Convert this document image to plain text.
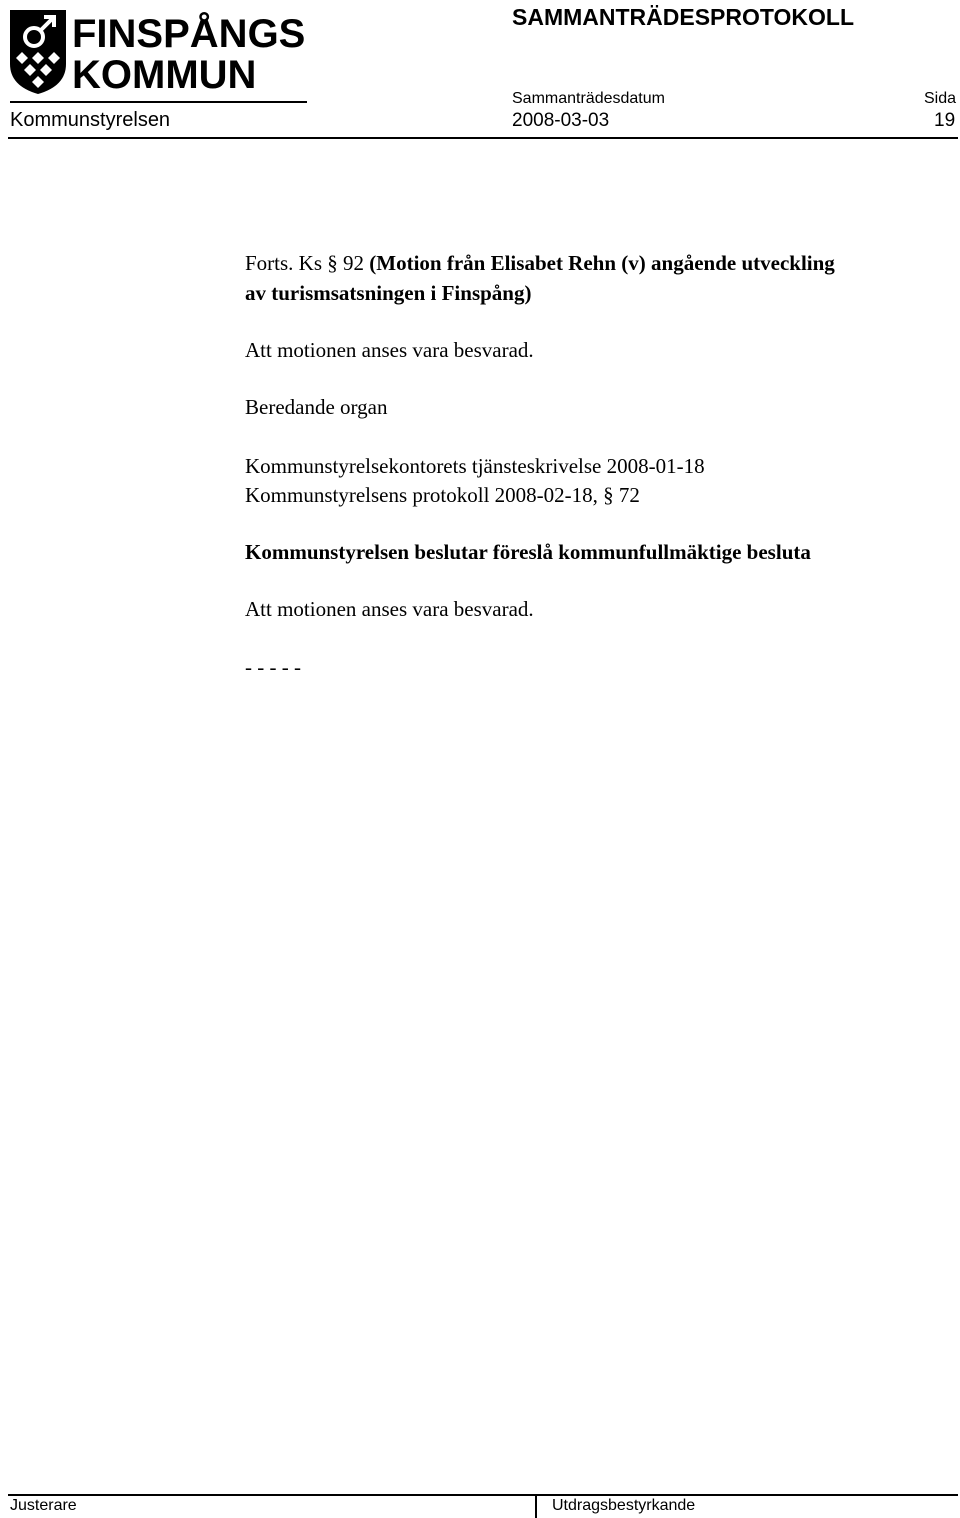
FINSPÅNGS
KOMMUN
SAMMANTRÄDESPROTOKOLL
Sammanträdesdatum	Sida
Kommunstyrelsen	2008-03-03	19
Forts. Ks § 92 (Motion från Elisabet Rehn (v) angående utveckling
av turismsatsningen i Finspång)
Att motionen anses vara besvarad.
Beredande organ
Kommunstyrelsekontorets tjänsteskrivelse 2008-01-18
Kommunstyrelsens protokoll 2008-02-18, § 72
Kommunstyrelsen beslutar föreslå kommunfullmäktige besluta
Att motionen anses vara besvarad.
- - - - -
Justerare	Utdragsbestyrkande
